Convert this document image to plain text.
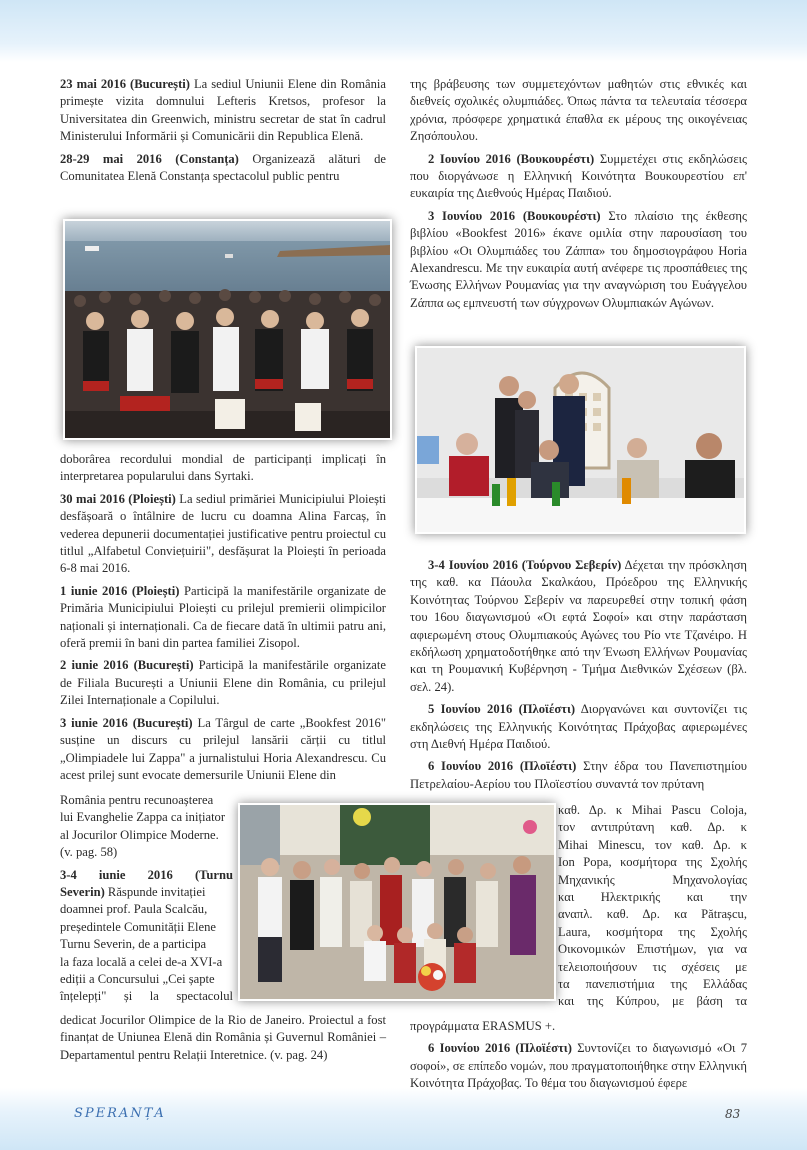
23 mai 2016 (București) La sediul Uniunii Elene din România primește vizita domnului Lefteris Kretsos, profesor la Universitatea din Greenwich, ministru secretar de stat în cadrul Ministerului Informării și Comunicării din Republica Elenă.

28-29 mai 2016 (Constanța) Organizează alături de Comunitatea Elenă Constanța spectacolul public pentru

doborârea recordului mondial de participanți implicați în interpretarea popularului dans Syrtaki.

30 mai 2016 (Ploiești) La sediul primăriei Municipiului Ploiești desfășoară o întâlnire de lucru cu doamna Alina Farcaș, în vederea depunerii documentației justificative pentru proiectul cu titlul „Alfabetul Conviețuirii", desfășurat la Ploiești în perioada 6-8 mai 2016.

1 iunie 2016 (Ploiești) Participă la manifestările organizate de Primăria Municipiului Ploiești cu prilejul premierii olimpicilor naționali și internaționali. Ca de fiecare dată în ultimii patru ani, oferă premii în bani din partea familiei Zisopol.

2 iunie 2016 (București) Participă la manifestările organizate de Filiala București a Uniunii Elene din România, cu prilejul Zilei Internaționale a Copilului.

3 iunie 2016 (București) La Târgul de carte „Bookfest 2016" susține un discurs cu prilejul lansării cărții cu titlul „Olimpiadele lui Zappa" a jurnalistului Horia Alexandrescu. Cu acest prilej sunt evocate demersurile Uniunii Elene din

România pentru recunoașterea
lui Evanghelie Zappa ca inițiator
al Jocurilor Olimpice Moderne.
(v. pag. 58)
3-4 iunie 2016 (Turnu
Severin) Răspunde invitației
doamnei prof. Paula Scalcău,
președintele Comunității Elene
Turnu Severin, de a participa
la faza locală a celei de-a XVI-a
ediții a Concursului „Cei șapte
înțelepți" și la spectacolul

dedicat Jocurilor Olimpice de la Rio de Janeiro. Proiectul a fost finanțat de Uniunea Elenă din România și Guvernul României – Departamentul pentru Relații Interetnice. (v. pag. 24)

της βράβευσης των συμμετεχόντων μαθητών στις εθνικές και διεθνείς σχολικές ολυμπιάδες. Όπως πάντα τα τελευταία τέσσερα χρόνια, πρόσφερε χρηματικά έπαθλα εκ μέρους της οικογένειας Ζησόπουλου.

2 Ιουνίου 2016 (Βουκουρέστι) Συμμετέχει στις εκδηλώσεις που διοργάνωσε η Ελληνική Κοινότητα Βουκουρεστίου επ' ευκαιρία της Διεθνούς Ημέρας Παιδιού.

3 Ιουνίου 2016 (Βουκουρέστι) Στο πλαίσιο της έκθεσης βιβλίου «Bookfest 2016» έκανε ομιλία στην παρουσίαση του βιβλίου «Οι Ολυμπιάδες του Ζάππα» του δημοσιογράφου Horia Alexandrescu. Με την ευκαιρία αυτή ανέφερε τις προσπάθειες της Ένωσης Ελλήνων Ρουμανίας για την αναγνώριση του Ευάγγελου Ζάππα ως εμπνευστή των σύγχρονων Ολυμπιακών Αγώνων.

3-4 Ιουνίου 2016 (Τούρνου Σεβερίν) Δέχεται την πρόσκληση της καθ. κα Πάουλα Σκαλκάου, Πρόεδρου της Ελληνικής Κοινότητας Τούρνου Σεβερίν να παρευρεθεί στην τοπική φάση του 16ου διαγωνισμού «Οι εφτά Σοφοί» και στην παράσταση αφιερωμένη στους Ολυμπιακούς Αγώνες του Ρίο ντε Τζανέιρο. Η εκδήλωση χρηματοδοτήθηκε από την Ένωση Ελλήνων Ρουμανίας και τη Ρουμανική Κυβέρνηση - Τμήμα Διεθνικών Σχέσεων (βλ. σελ. 24).

5 Ιουνίου 2016 (Πλοϊέστι) Διοργανώνει και συντονίζει τις εκδηλώσεις της Ελληνικής Κοινότητας Πράχοβας αφιερωμένες στη Διεθνή Ημέρα Παιδιού.

6 Ιουνίου 2016 (Πλοϊέστι) Στην έδρα του Πανεπιστημίου Πετρελαίου-Αερίου του Πλοϊεστίου συναντά τον πρύτανη

καθ. Δρ. κ Mihai Pascu Coloja,
τον αντιπρύτανη καθ. Δρ. κ
Mihai Minescu, τον καθ. Δρ. κ
Ion Popa, κοσμήτορα της Σχολής
Μηχανικής Μηχανολογίας
και Ηλεκτρικής και την
αναπλ. καθ. Δρ. κα Pătrașcu,
Laura, κοσμήτορα της Σχολής
Οικονομικών Επιστήμων, για να
τελειοποιήσουν τις σχέσεις με
τα πανεπιστήμια της Ελλάδας
και της Κύπρου, με βάση τα

προγράμματα ERASMUS +.

6 Ιουνίου 2016 (Πλοϊέστι) Συντονίζει το διαγωνισμό «Οι 7 σοφοί», σε επίπεδο νομών, που πραγματοποιήθηκε στην Ελληνική Κοινότητα Πράχοβας. Το θέμα του διαγωνισμού έφερε

SPERANȚA	83
